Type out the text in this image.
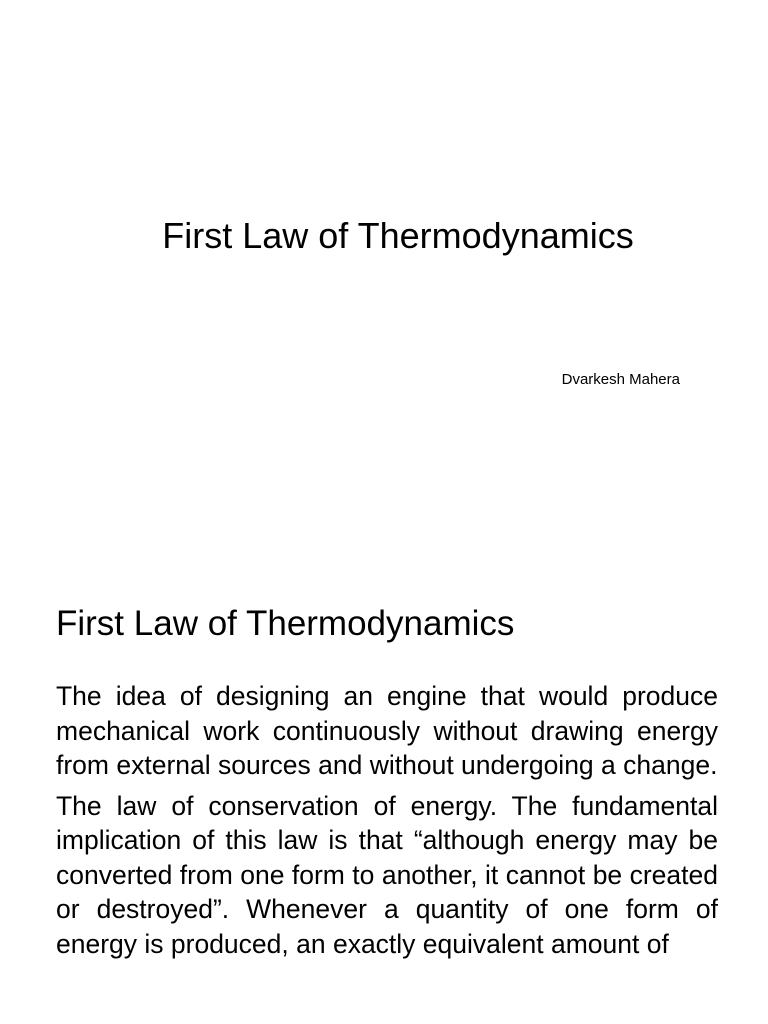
First Law of Thermodynamics

Dvarkesh Mahera

First Law of Thermodynamics

The idea of designing an engine that would produce mechanical work continuously without drawing energy from external sources and without undergoing a change.

The law of conservation of energy. The fundamental implication of this law is that “although energy may be converted from one form to another, it cannot be created or destroyed”. Whenever a quantity of one form of energy is produced, an exactly equivalent amount of
